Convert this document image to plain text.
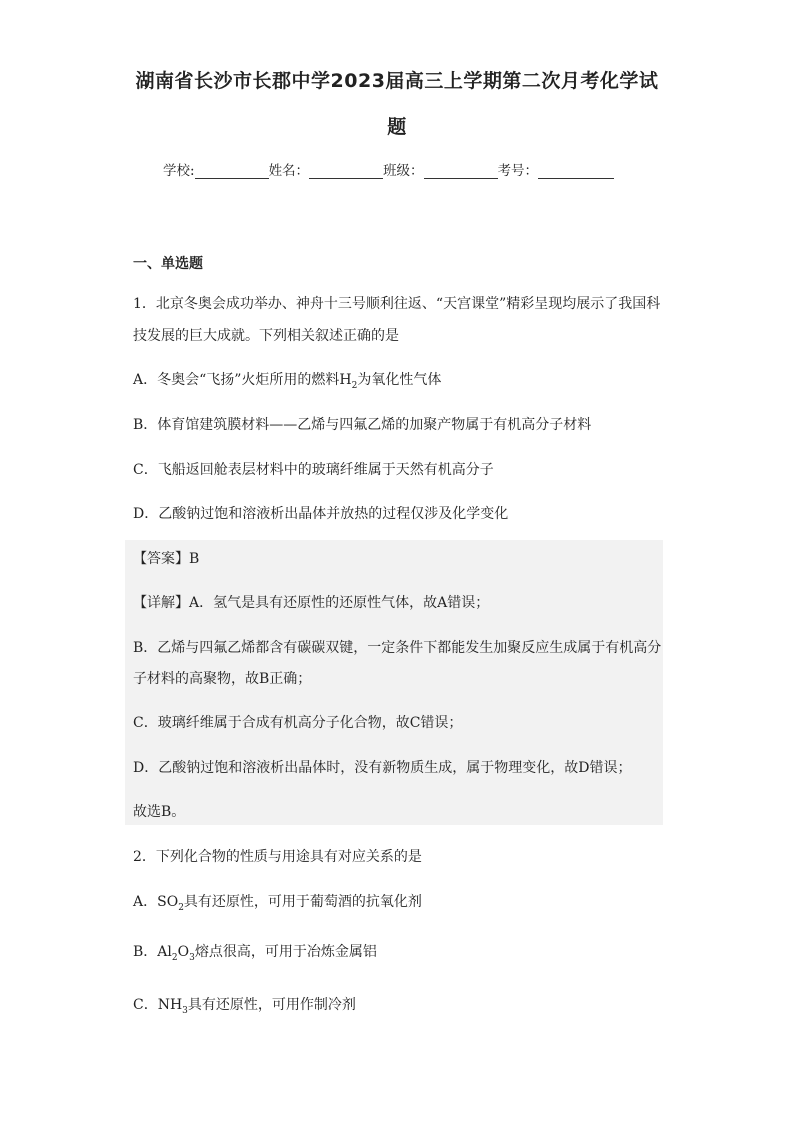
湖南省长沙市长郡中学2023届高三上学期第二次月考化学试
题
学校:	姓名：	班级：	考号：
一、单选题
1．北京冬奥会成功举办、神舟十三号顺利往返、“天宫课堂”精彩呈现均展示了我国科
技发展的巨大成就。下列相关叙述正确的是
A．冬奥会“飞扬”火炬所用的燃料$H_2$为氧化性气体
B．体育馆建筑膜材料——乙烯与四氟乙烯的加聚产物属于有机高分子材料
C．飞船返回舱表层材料中的玻璃纤维属于天然有机高分子
D．乙酸钠过饱和溶液析出晶体并放热的过程仅涉及化学变化
【答案】B
【详解】A．氢气是具有还原性的还原性气体，故A错误；
B．乙烯与四氟乙烯都含有碳碳双键，一定条件下都能发生加聚反应生成属于有机高分
子材料的高聚物，故B正确；
C．玻璃纤维属于合成有机高分子化合物，故C错误；
D．乙酸钠过饱和溶液析出晶体时，没有新物质生成，属于物理变化，故D错误；
故选B。
2．下列化合物的性质与用途具有对应关系的是
A．$SO_2$具有还原性，可用于葡萄酒的抗氧化剂
B．$Al_2O_3$熔点很高，可用于冶炼金属铝
C．$NH_3$具有还原性，可用作制冷剂
